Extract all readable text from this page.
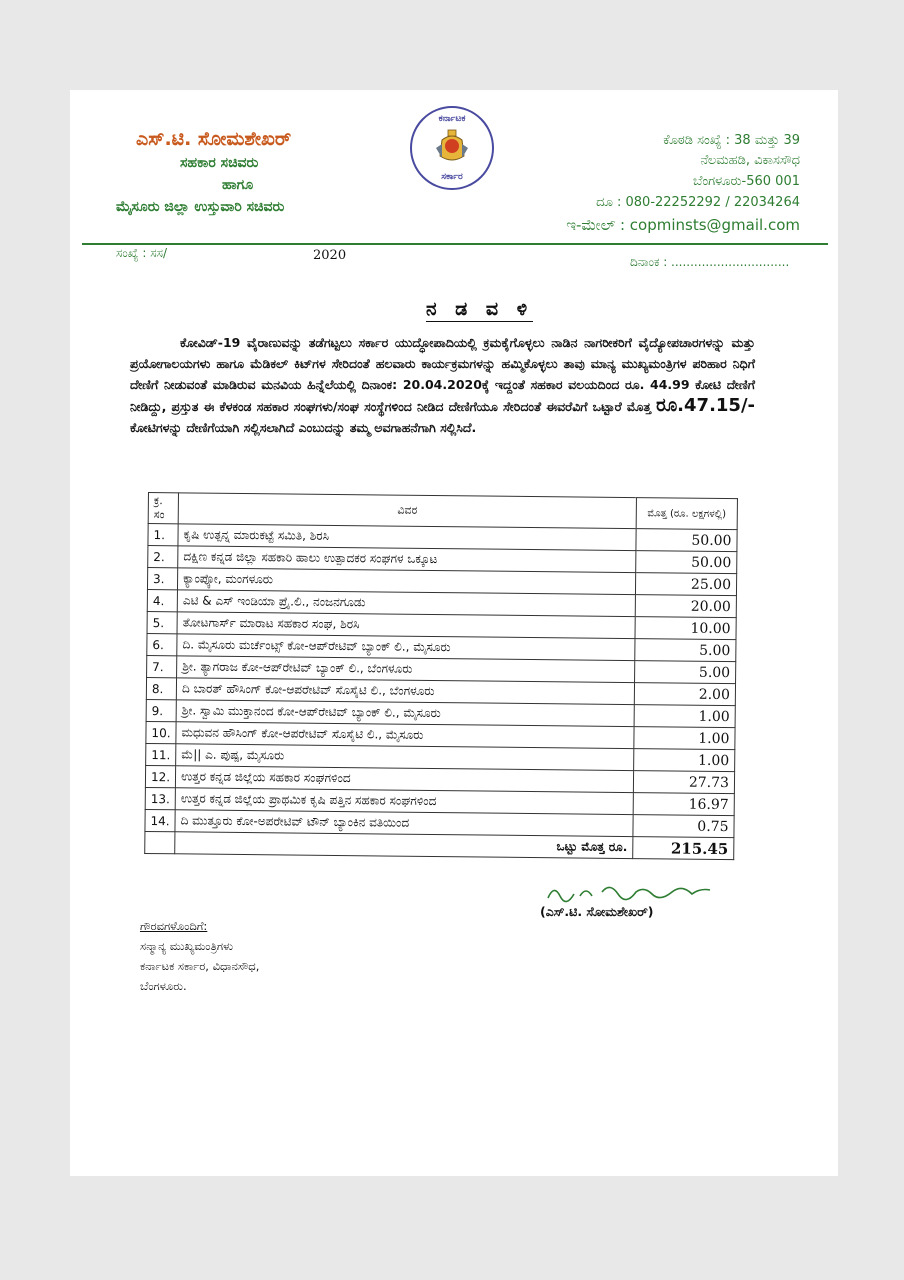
ಎಸ್.ಟಿ. ಸೋಮಶೇಖರ್
ಸಹಕಾರ ಸಚಿವರು
ಹಾಗೂ
ಮೈಸೂರು ಜಿಲ್ಲಾ ಉಸ್ತುವಾರಿ ಸಚಿವರು
ಕರ್ನಾಟಕ
ಸರ್ಕಾರ
ಕೊಠಡಿ ಸಂಖ್ಯೆ : 38 ಮತ್ತು 39
ನೆಲಮಹಡಿ, ವಿಕಾಸಸೌಧ
ಬೆಂಗಳೂರು-560 001
ದೂ : 080-22252292 / 22034264
ಇ-ಮೇಲ್ : copminsts@gmail.com
ಸಂಖ್ಯೆ : ಸಸ/	2020	ದಿನಾಂಕ : ...............................
ನ ಡ ವ ಳಿ
ಕೋವಿಡ್-19 ವೈರಾಣುವನ್ನು ತಡೆಗಟ್ಟಲು ಸರ್ಕಾರ ಯುದ್ಧೋಪಾದಿಯಲ್ಲಿ ಕ್ರಮಕೈಗೊಳ್ಳಲು ನಾಡಿನ ನಾಗರೀಕರಿಗೆ ವೈದ್ಯೋಪಚಾರಗಳನ್ನು ಮತ್ತು ಪ್ರಯೋಗಾಲಯಗಳು ಹಾಗೂ ಮೆಡಿಕಲ್ ಕಿಟ್‌ಗಳ ಸೇರಿದಂತೆ ಹಲವಾರು ಕಾರ್ಯಕ್ರಮಗಳನ್ನು ಹಮ್ಮಿಕೊಳ್ಳಲು ತಾವು ಮಾನ್ಯ ಮುಖ್ಯಮಂತ್ರಿಗಳ ಪರಿಹಾರ ನಿಧಿಗೆ ದೇಣಿಗೆ ನೀಡುವಂತೆ ಮಾಡಿರುವ ಮನವಿಯ ಹಿನ್ನೆಲೆಯಲ್ಲಿ ದಿನಾಂಕ: 20.04.2020ಕ್ಕೆ ಇದ್ದಂತೆ ಸಹಕಾರ ವಲಯದಿಂದ ರೂ. 44.99 ಕೋಟಿ ದೇಣಿಗೆ ನೀಡಿದ್ದು, ಪ್ರಸ್ತುತ ಈ ಕೆಳಕಂಡ ಸಹಕಾರ ಸಂಘಗಳು/ಸಂಘ ಸಂಸ್ಥೆಗಳಿಂದ ನೀಡಿದ ದೇಣಿಗೆಯೂ ಸೇರಿದಂತೆ ಈವರೆವಿಗೆ ಒಟ್ಟಾರೆ ಮೊತ್ತ ರೂ.47.15/- ಕೋಟಿಗಳನ್ನು ದೇಣಿಗೆಯಾಗಿ ಸಲ್ಲಿಸಲಾಗಿದೆ ಎಂಬುದನ್ನು ತಮ್ಮ ಅವಗಾಹನೆಗಾಗಿ ಸಲ್ಲಿಸಿದೆ.
ಕ್ರ. ಸಂ	ವಿವರ	ಮೊತ್ತ (ರೂ. ಲಕ್ಷಗಳಲ್ಲಿ)
1.	ಕೃಷಿ ಉತ್ಪನ್ನ ಮಾರುಕಟ್ಟೆ ಸಮಿತಿ, ಶಿರಸಿ	50.00
2.	ದಕ್ಷಿಣ ಕನ್ನಡ ಜಿಲ್ಲಾ ಸಹಕಾರಿ ಹಾಲು ಉತ್ಪಾದಕರ ಸಂಘಗಳ ಒಕ್ಕೂಟ	50.00
3.	ಕ್ಯಾಂಪ್ಕೋ, ಮಂಗಳೂರು	25.00
4.	ಎಟಿ & ಎಸ್ ಇಂಡಿಯಾ ಪ್ರೈ.ಲಿ., ನಂಜನಗೂಡು	20.00
5.	ತೋಟಗಾರ್ಸ್ ಮಾರಾಟ ಸಹಕಾರ ಸಂಘ, ಶಿರಸಿ	10.00
6.	ದಿ. ಮೈಸೂರು ಮರ್ಚೆಂಟ್ಸ್ ಕೋ-ಆಪ್‌ರೇಟಿವ್ ಬ್ಯಾಂಕ್ ಲಿ., ಮೈಸೂರು	5.00
7.	ಶ್ರೀ. ತ್ಯಾಗರಾಜ ಕೋ-ಆಪ್‌ರೇಟಿವ್ ಬ್ಯಾಂಕ್ ಲಿ., ಬೆಂಗಳೂರು	5.00
8.	ದಿ ಬಾರತ್ ಹೌಸಿಂಗ್ ಕೋ-ಆಪರೇಟಿವ್ ಸೊಸೈಟಿ ಲಿ., ಬೆಂಗಳೂರು	2.00
9.	ಶ್ರೀ. ಸ್ವಾಮಿ ಮುಕ್ತಾನಂದ ಕೋ-ಆಪ್‌ರೇಟಿವ್ ಬ್ಯಾಂಕ್ ಲಿ., ಮೈಸೂರು	1.00
10.	ಮಧುವನ ಹೌಸಿಂಗ್ ಕೋ-ಆಪರೇಟಿವ್ ಸೊಸೈಟಿ ಲಿ., ಮೈಸೂರು	1.00
11.	ಮೆ|| ಎ. ಪುಷ್ಪ, ಮೈಸೂರು	1.00
12.	ಉತ್ತರ ಕನ್ನಡ ಜಿಲ್ಲೆಯ ಸಹಕಾರ ಸಂಘಗಳಿಂದ	27.73
13.	ಉತ್ತರ ಕನ್ನಡ ಜಿಲ್ಲೆಯ ಪ್ರಾಥಮಿಕ ಕೃಷಿ ಪತ್ತಿನ ಸಹಕಾರ ಸಂಘಗಳಿಂದ	16.97
14.	ದಿ ಮುತ್ತೂರು ಕೋ-ಅಪರೇಟಿವ್ ಟೌನ್ ಬ್ಯಾಂಕಿನ ವತಿಯಿಂದ	0.75
	ಒಟ್ಟು ಮೊತ್ತ ರೂ.	215.45
(ಎಸ್.ಟಿ. ಸೋಮಶೇಖರ್)
ಗೌರವಗಳೊಂದಿಗೆ:
ಸನ್ಮಾನ್ಯ ಮುಖ್ಯಮಂತ್ರಿಗಳು
ಕರ್ನಾಟಕ ಸರ್ಕಾರ, ವಿಧಾನಸೌಧ,
ಬೆಂಗಳೂರು.
